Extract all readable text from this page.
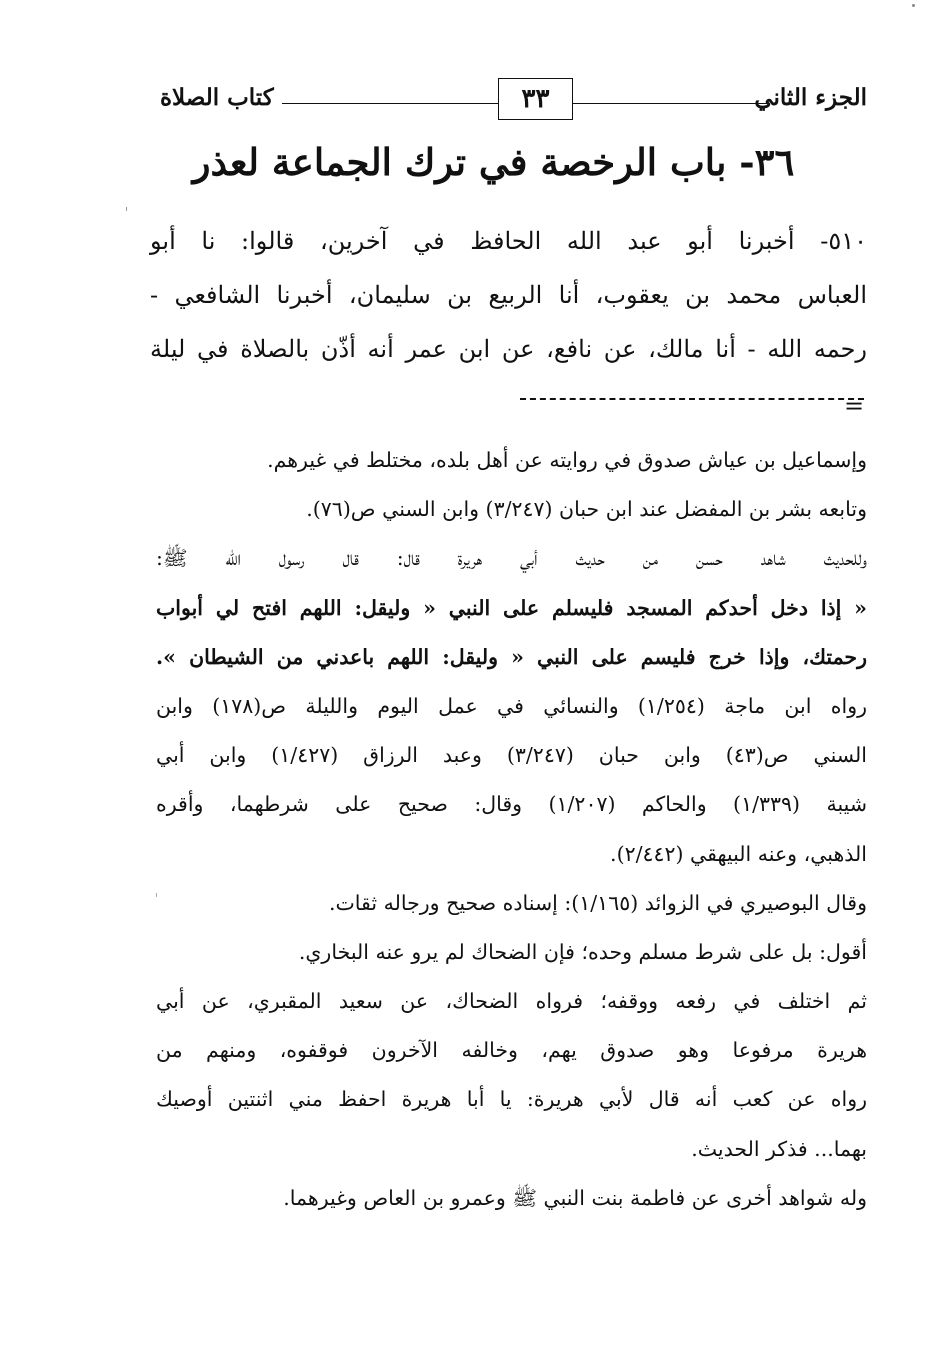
الجزء الثاني
٣٣
كتاب الصلاة
٣٦- باب الرخصة في ترك الجماعة لعذر
٥١٠- أخبرنا أبو عبد الله الحافظ في آخرين، قالوا: نا أبو
العباس محمد بن يعقوب، أنا الربيع بن سليمان، أخبرنا الشافعي -
رحمه الله - أنا مالك، عن نافع، عن ابن عمر أنه أذّن بالصلاة في ليلة
=
وإسماعيل بن عياش صدوق في روايته عن أهل بلده، مختلط في غيرهم.
وتابعه بشر بن المفضل عند ابن حبان (٣/٢٤٧) وابن السني ص(٧٦).
وللحديث شاهد حسن من حديث أبي هريرة قال: قال رسول الله ﷺ:
« إذا دخل أحدكم المسجد فليسلم على النبي « وليقل: اللهم افتح لي أبواب
رحمتك، وإذا خرج فليسم على النبي « وليقل: اللهم باعدني من الشيطان ».
رواه ابن ماجة (١/٢٥٤) والنسائي في عمل اليوم والليلة ص(١٧٨) وابن
السني ص(٤٣) وابن حبان (٣/٢٤٧) وعبد الرزاق (١/٤٢٧) وابن أبي
شيبة (١/٣٣٩) والحاكم (١/٢٠٧) وقال: صحيح على شرطهما، وأقره
الذهبي، وعنه البيهقي (٢/٤٤٢).
وقال البوصيري في الزوائد (١/١٦٥): إسناده صحيح ورجاله ثقات.
أقول: بل على شرط مسلم وحده؛ فإن الضحاك لم يرو عنه البخاري.
ثم اختلف في رفعه ووقفه؛ فرواه الضحاك، عن سعيد المقبري، عن أبي
هريرة مرفوعا وهو صدوق يهم، وخالفه الآخرون فوقفوه، ومنهم من
رواه عن كعب أنه قال لأبي هريرة: يا أبا هريرة احفظ مني اثنتين أوصيك
بهما... فذكر الحديث.
وله شواهد أخرى عن فاطمة بنت النبي ﷺ وعمرو بن العاص وغيرهما.
